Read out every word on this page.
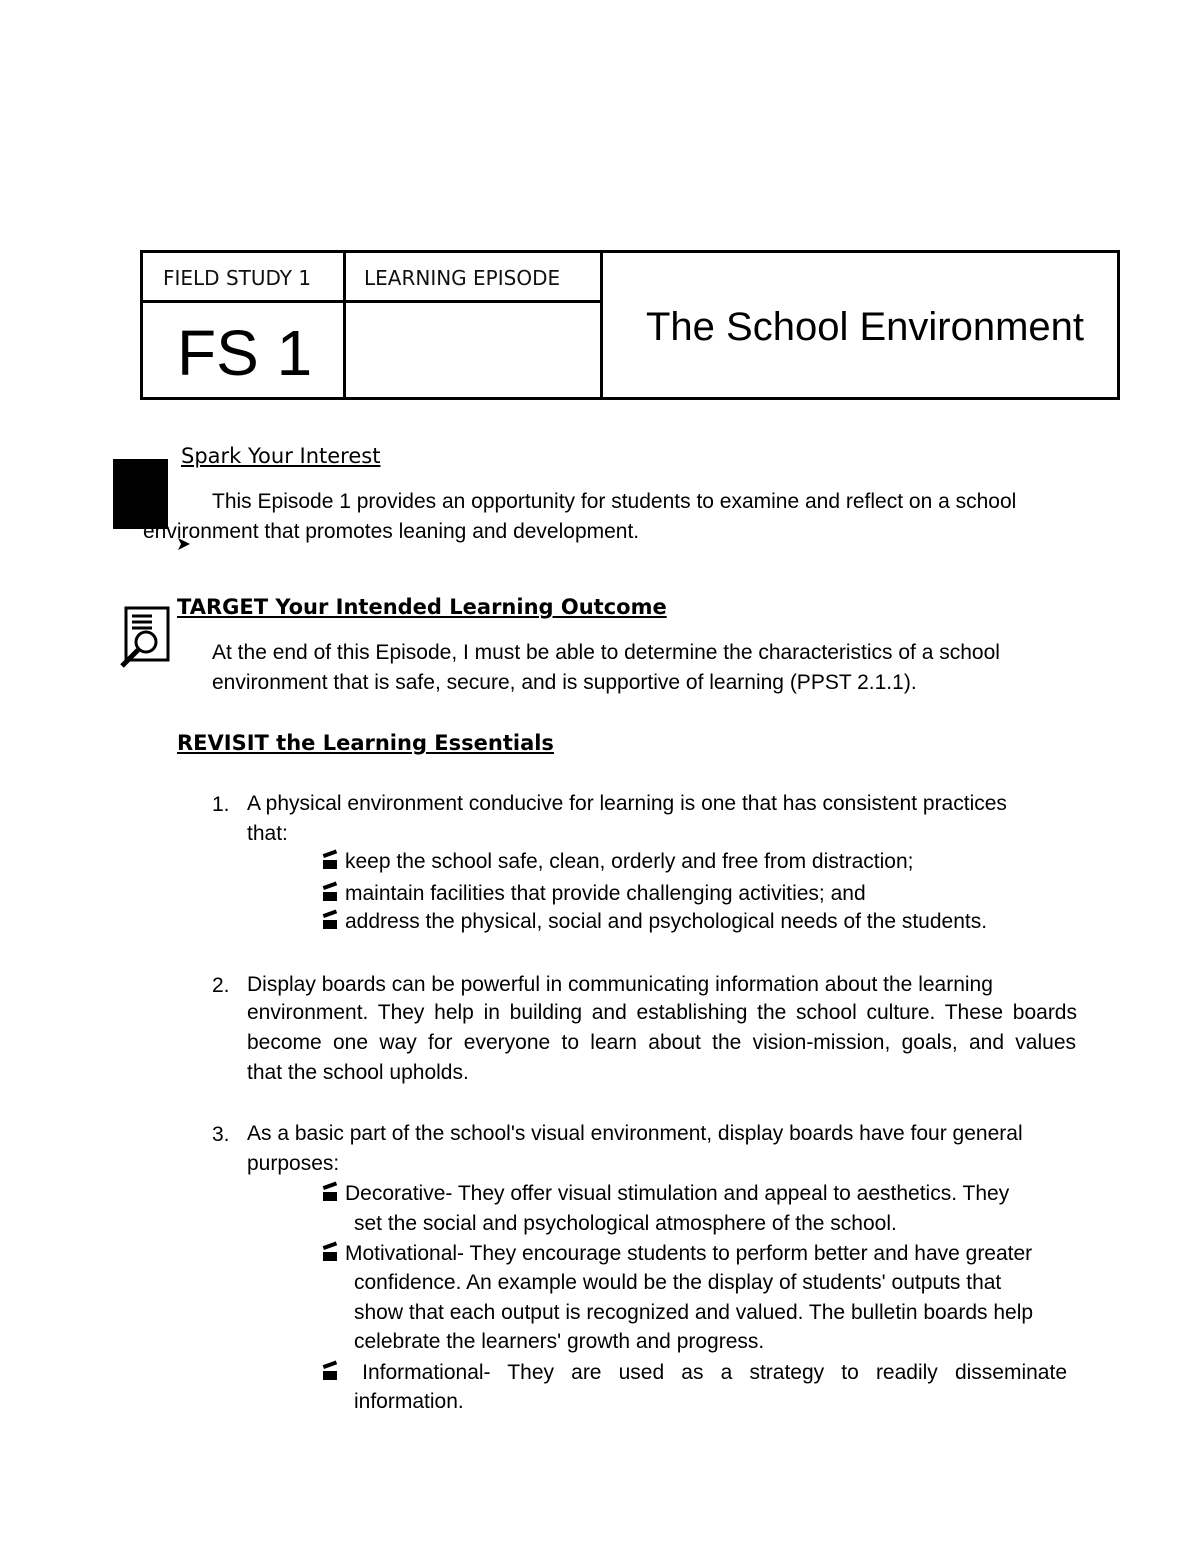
FIELD STUDY 1	LEARNING EPISODE
FS 1	The School Environment
Spark Your Interest
This Episode 1 provides an opportunity for students to examine and reflect on a school
environment that promotes leaning and development.
TARGET Your Intended Learning Outcome
At the end of this Episode, I must be able to determine the characteristics of a school
environment that is safe, secure, and is supportive of learning (PPST 2.1.1).
REVISIT the Learning Essentials
1. A physical environment conducive for learning is one that has consistent practices
that:
keep the school safe, clean, orderly and free from distraction;
maintain facilities that provide challenging activities; and
address the physical, social and psychological needs of the students.
2. Display boards can be powerful in communicating information about the learning
environment. They help in building and establishing the school culture. These boards
become one way for everyone to learn about the vision-mission, goals, and values
that the school upholds.
3. As a basic part of the school's visual environment, display boards have four general
purposes:
Decorative- They offer visual stimulation and appeal to aesthetics. They
set the social and psychological atmosphere of the school.
Motivational- They encourage students to perform better and have greater
confidence. An example would be the display of students' outputs that
show that each output is recognized and valued. The bulletin boards help
celebrate the learners' growth and progress.
Informational- They are used as a strategy to readily disseminate
information.
